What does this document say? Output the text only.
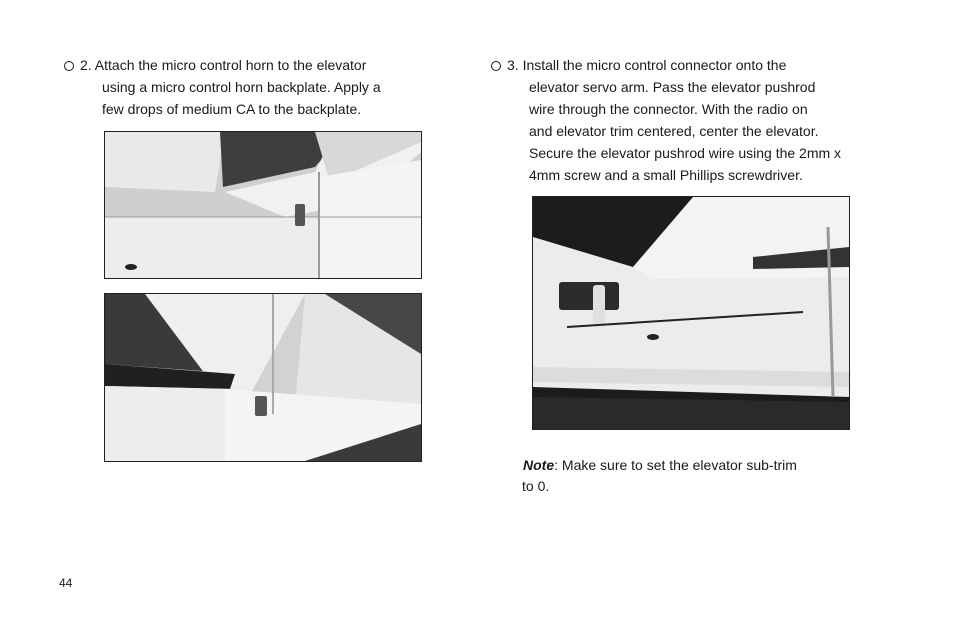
2. Attach the micro control horn to the elevator
using a micro control horn backplate. Apply a
few drops of medium CA to the backplate.
3. Install the micro control connector onto the
elevator servo arm. Pass the elevator pushrod
wire through the connector. With the radio on
and elevator trim centered, center the elevator.
Secure the elevator pushrod wire using the 2mm x
4mm screw and a small Phillips screwdriver.
Note: Make sure to set the elevator sub-trim
to 0.
44
